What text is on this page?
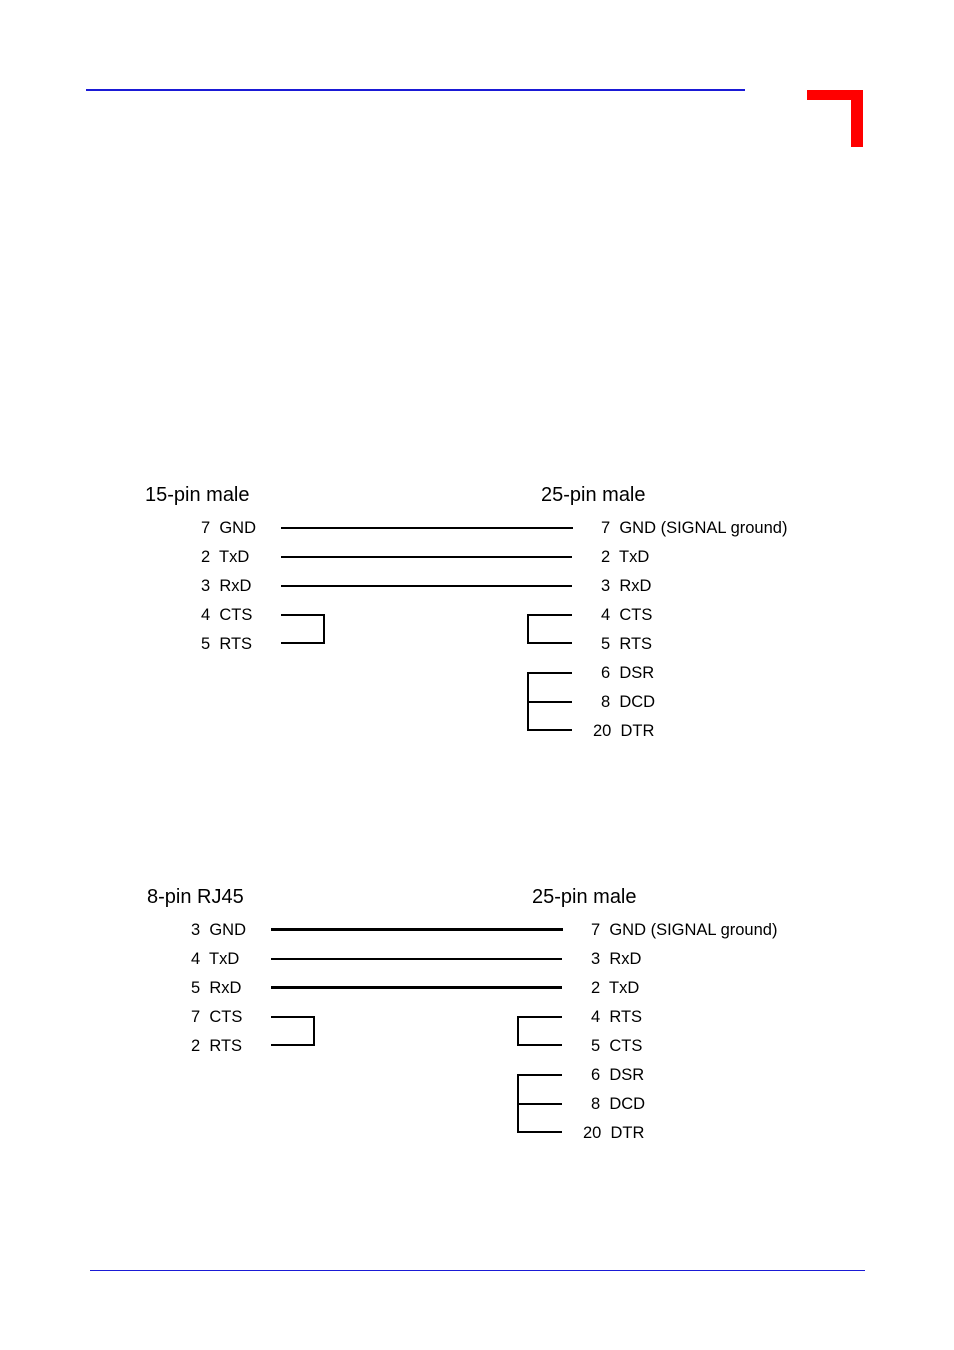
15-pin male	25-pin male
7  GND
2  TxD
3  RxD
4  CTS
5  RTS
7  GND (SIGNAL ground)
2  TxD
3  RxD
4  CTS
5  RTS
6  DSR
8  DCD
20  DTR
8-pin RJ45	25-pin male
3  GND
4  TxD
5  RxD
7  CTS
2  RTS
7  GND (SIGNAL ground)
3  RxD
2  TxD
4  RTS
5  CTS
6  DSR
8  DCD
20  DTR
